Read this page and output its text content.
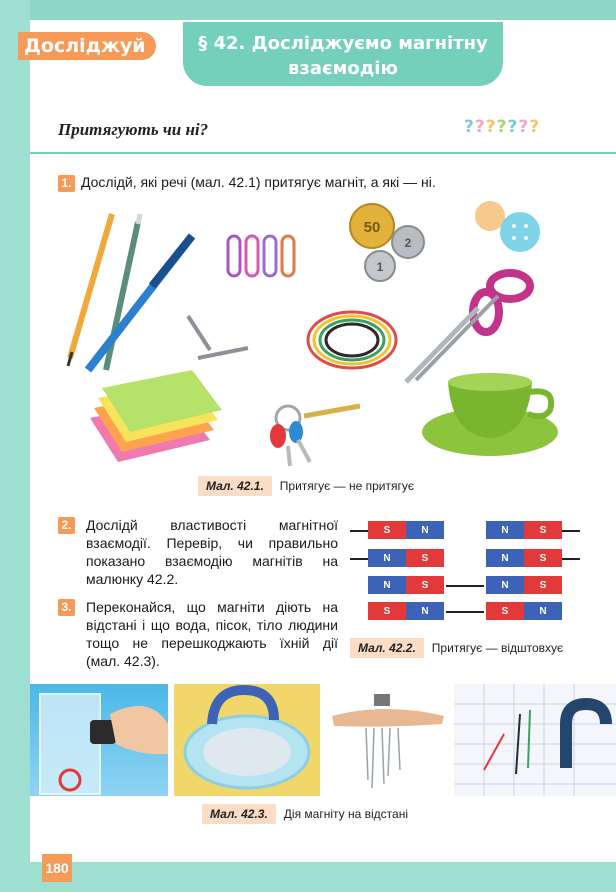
Досліджуй	§ 42. Досліджуємо магнітну взаємодію
Притягують чи ні?	???????
1. Дослідй, які речі (мал. 42.1) притягує магніт, а які — ні.
50
2
1
Мал. 42.1.	Притягує — не притягує
2. Дослідй властивості магнітної взаємодії. Перевір, чи правильно показано взаємодію магнітів на малюнку 42.2.
3. Переконайся, що магніти діють на відстані і що вода, пісок, тіло людини тощо не перешкоджають їхній дії (мал. 42.3).
S	N	N	S
N	S	N	S
N	S	N	S
S	N	S	N
Мал. 42.2.	Притягує — відштовхує
Мал. 42.3.	Дія магніту на відстані
180
